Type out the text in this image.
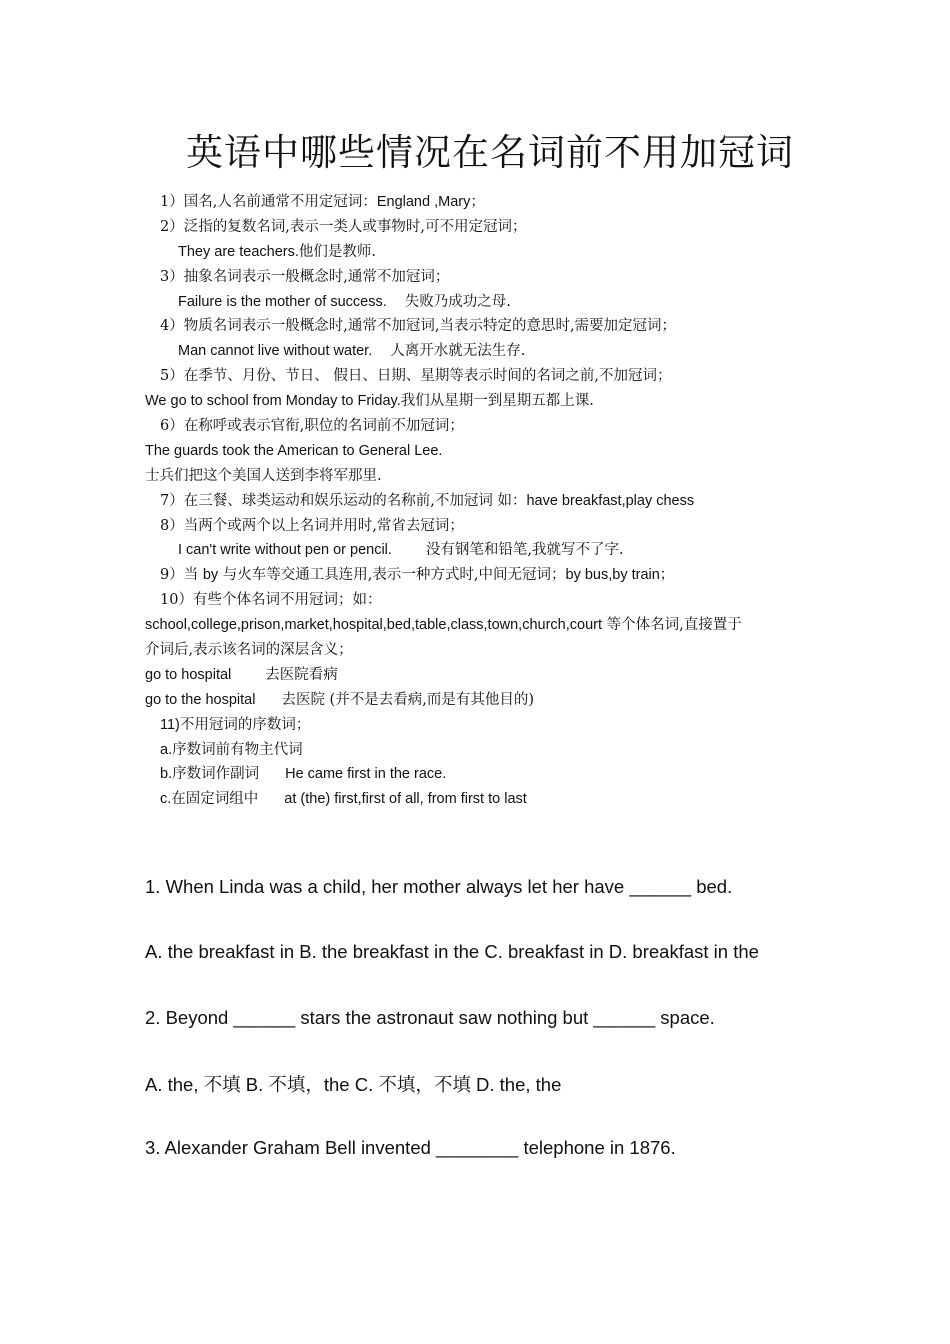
英语中哪些情况在名词前不用加冠词
1）国名,人名前通常不用定冠词：England ,Mary；
2）泛指的复数名词,表示一类人或事物时,可不用定冠词；
They are teachers.他们是教师.
3）抽象名词表示一般概念时,通常不加冠词；
Failure is the mother of success. 失败乃成功之母.
4）物质名词表示一般概念时,通常不加冠词,当表示特定的意思时,需要加定冠词；
Man cannot live without water. 人离开水就无法生存.
5）在季节、月份、节日、 假日、日期、星期等表示时间的名词之前,不加冠词；
We go to school from Monday to Friday.我们从星期一到星期五都上课.
6）在称呼或表示官衔,职位的名词前不加冠词；
The guards took the American to General Lee.
士兵们把这个美国人送到李将军那里.
7）在三餐、球类运动和娱乐运动的名称前,不加冠词 如：have breakfast,play chess
8）当两个或两个以上名词并用时,常省去冠词；
I can't write without pen or pencil. 没有钢笔和铅笔,我就写不了字.
9）当 by 与火车等交通工具连用,表示一种方式时,中间无冠词；by bus,by train；
10）有些个体名词不用冠词；如：
school,college,prison,market,hospital,bed,table,class,town,church,court 等个体名词,直接置于
介词后,表示该名词的深层含义；
go to hospital 去医院看病
go to the hospital 去医院 (并不是去看病,而是有其他目的)
11)不用冠词的序数词；
a.序数词前有物主代词
b.序数词作副词 He came first in the race.
c.在固定词组中 at (the) first,first of all, from first to last
1. When Linda was a child, her mother always let her have ______ bed.
A. the breakfast in B. the breakfast in the C. breakfast in D. breakfast in the
2. Beyond ______ stars the astronaut saw nothing but ______ space.
A. the, 不填 B. 不填，the C. 不填，不填 D. the, the
3. Alexander Graham Bell invented ________ telephone in 1876.
